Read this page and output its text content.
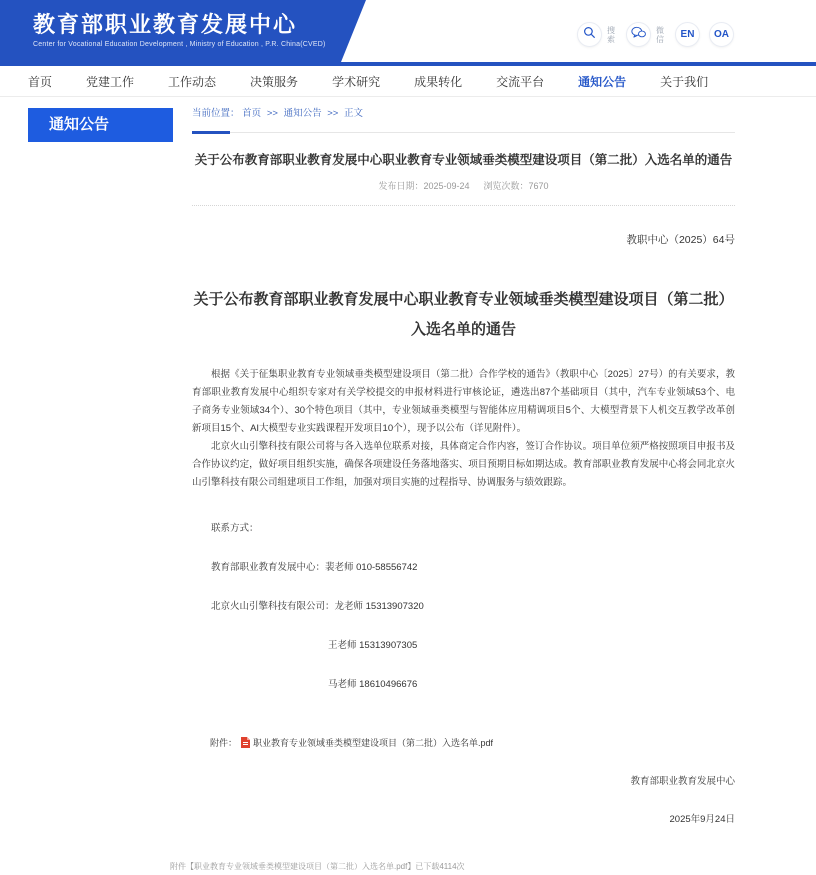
教育部职业教育发展中心
Center for Vocational Education Development , Ministry of Education , P.R. China(CVED)
搜索
微信	EN	OA
首页	党建工作	工作动态	决策服务	学术研究	成果转化	交流平台	通知公告	关于我们
通知公告
当前位置： 首页 >> 通知公告 >> 正文
关于公布教育部职业教育发展中心职业教育专业领域垂类模型建设项目（第二批）入选名单的通告
发布日期：2025-09-24 浏览次数：7670
教职中心（2025）64号
关于公布教育部职业教育发展中心职业教育专业领域垂类模型建设项目（第二批）
入选名单的通告
根据《关于征集职业教育专业领域垂类模型建设项目（第二批）合作学校的通告》（教职中心〔2025〕27号）的有关要求，教育部职业教育发展中心组织专家对有关学校提交的申报材料进行审核论证，遴选出87个基础项目（其中，汽车专业领域53个、电子商务专业领域34个）、30个特色项目（其中，专业领域垂类模型与智能体应用精调项目5个、大模型背景下人机交互教学改革创新项目15个、AI大模型专业实践课程开发项目10个），现予以公布（详见附件）。
北京火山引擎科技有限公司将与各入选单位联系对接，具体商定合作内容，签订合作协议。项目单位须严格按照项目申报书及合作协议约定，做好项目组织实施，确保各项建设任务落地落实、项目预期目标如期达成。教育部职业教育发展中心将会同北京火山引擎科技有限公司组建项目工作组，加强对项目实施的过程指导、协调服务与绩效跟踪。
联系方式：
教育部职业教育发展中心：裴老师 010-58556742
北京火山引擎科技有限公司：龙老师 15313907320
王老师 15313907305
马老师 18610496676
附件： 职业教育专业领域垂类模型建设项目（第二批）入选名单.pdf
教育部职业教育发展中心
2025年9月24日
附件【职业教育专业领域垂类模型建设项目（第二批）入选名单.pdf】已下载4114次
